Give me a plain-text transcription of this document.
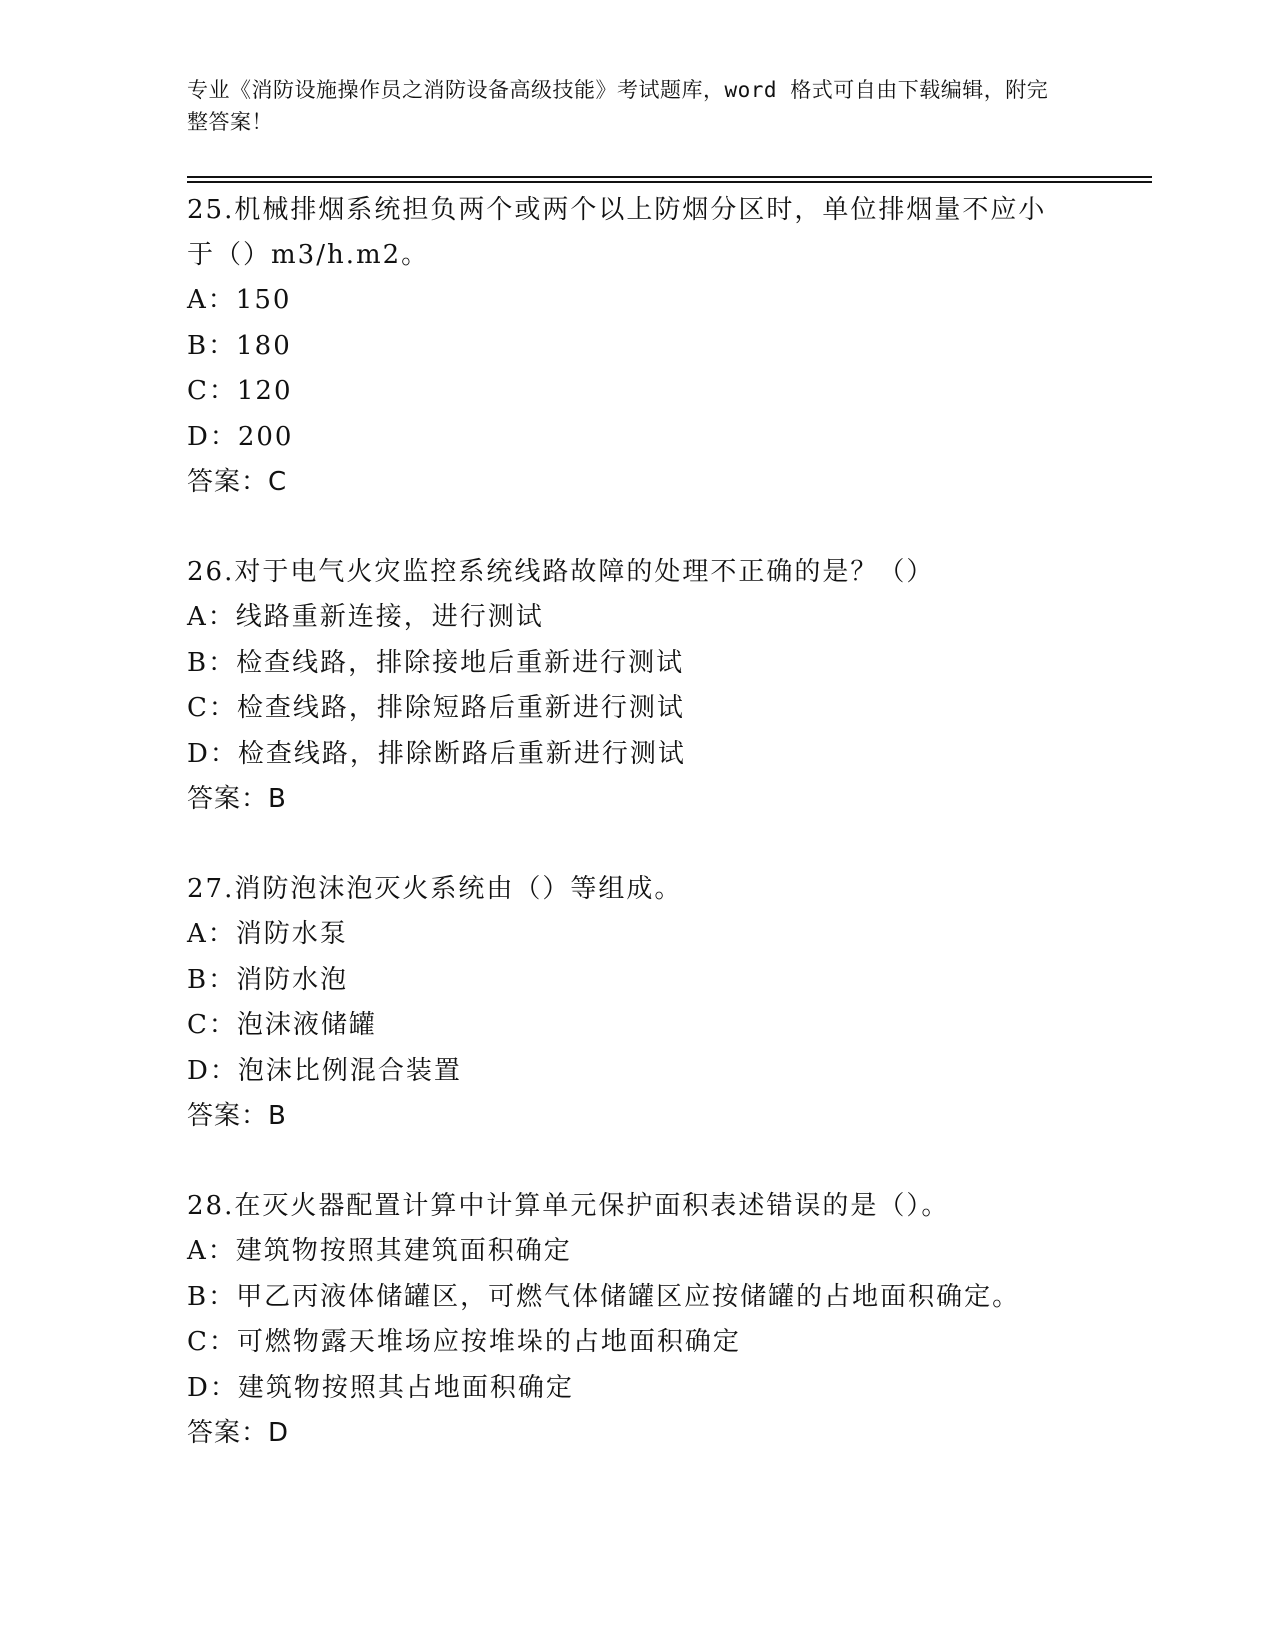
专业《消防设施操作员之消防设备高级技能》考试题库，word 格式可自由下载编辑，附完整答案！
25.机械排烟系统担负两个或两个以上防烟分区时，单位排烟量不应小
于（）m3/h.m2。
A：150
B：180
C：120
D：200
答案：C
26.对于电气火灾监控系统线路故障的处理不正确的是？（）
A：线路重新连接，进行测试
B：检查线路，排除接地后重新进行测试
C：检查线路，排除短路后重新进行测试
D：检查线路，排除断路后重新进行测试
答案：B
27.消防泡沫泡灭火系统由（）等组成。
A：消防水泵
B：消防水泡
C：泡沫液储罐
D：泡沫比例混合装置
答案：B
28.在灭火器配置计算中计算单元保护面积表述错误的是（）。
A：建筑物按照其建筑面积确定
B：甲乙丙液体储罐区，可燃气体储罐区应按储罐的占地面积确定。
C：可燃物露天堆场应按堆垛的占地面积确定
D：建筑物按照其占地面积确定
答案：D
